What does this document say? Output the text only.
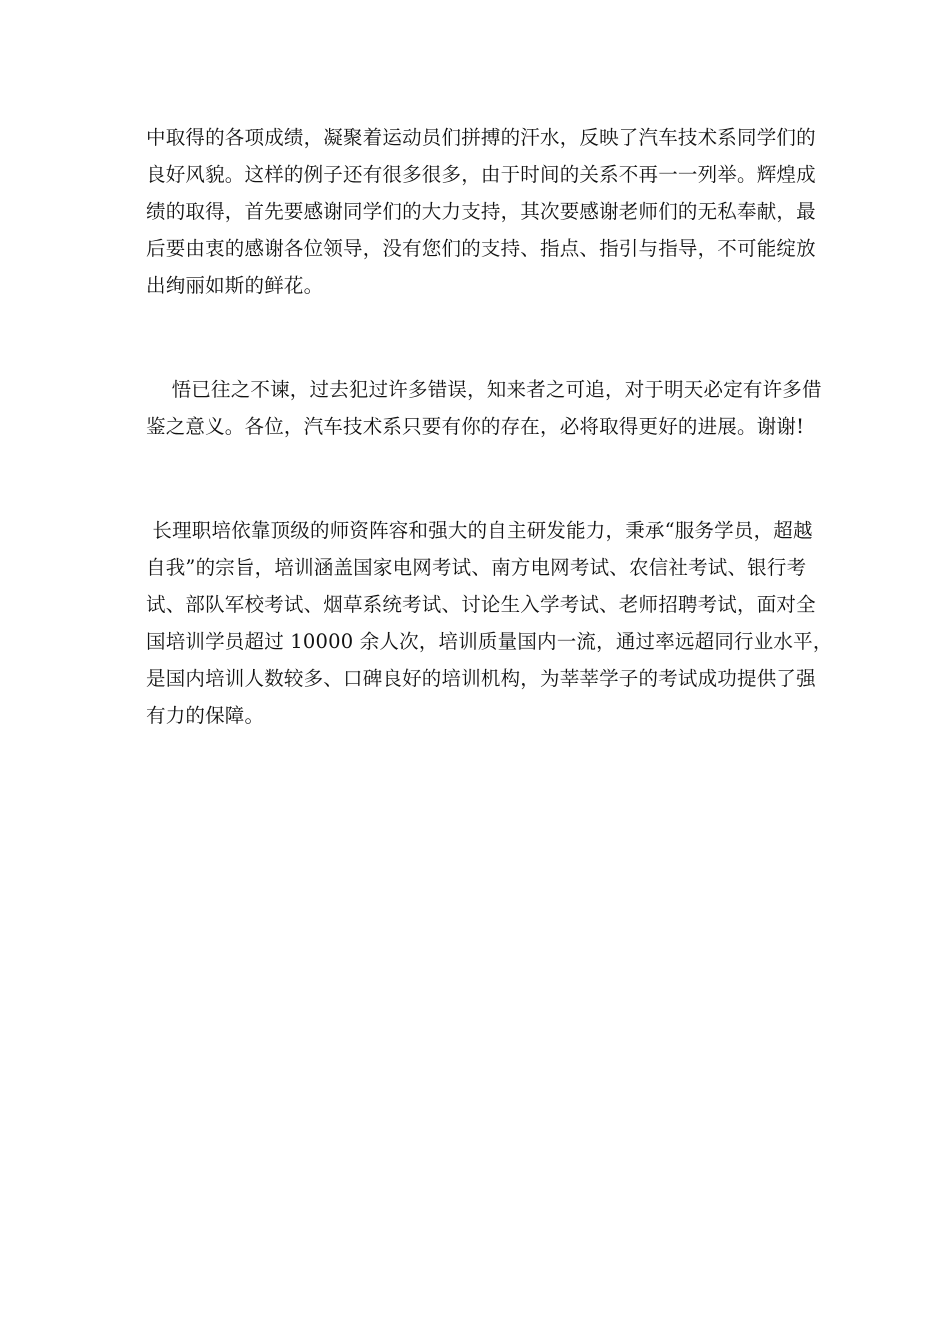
中取得的各项成绩，凝聚着运动员们拼搏的汗水，反映了汽车技术系同学们的
良好风貌。这样的例子还有很多很多，由于时间的关系不再一一列举。辉煌成
绩的取得，首先要感谢同学们的大力支持，其次要感谢老师们的无私奉献，最
后要由衷的感谢各位领导，没有您们的支持、指点、指引与指导，不可能绽放
出绚丽如斯的鲜花。
悟已往之不谏，过去犯过许多错误，知来者之可追，对于明天必定有许多借
鉴之意义。各位，汽车技术系只要有你的存在，必将取得更好的进展。谢谢!
长理职培依靠顶级的师资阵容和强大的自主研发能力，秉承“服务学员，超越
自我”的宗旨，培训涵盖国家电网考试、南方电网考试、农信社考试、银行考
试、部队军校考试、烟草系统考试、讨论生入学考试、老师招聘考试，面对全
国培训学员超过 10000 余人次，培训质量国内一流，通过率远超同行业水平，
是国内培训人数较多、口碑良好的培训机构，为莘莘学子的考试成功提供了强
有力的保障。
